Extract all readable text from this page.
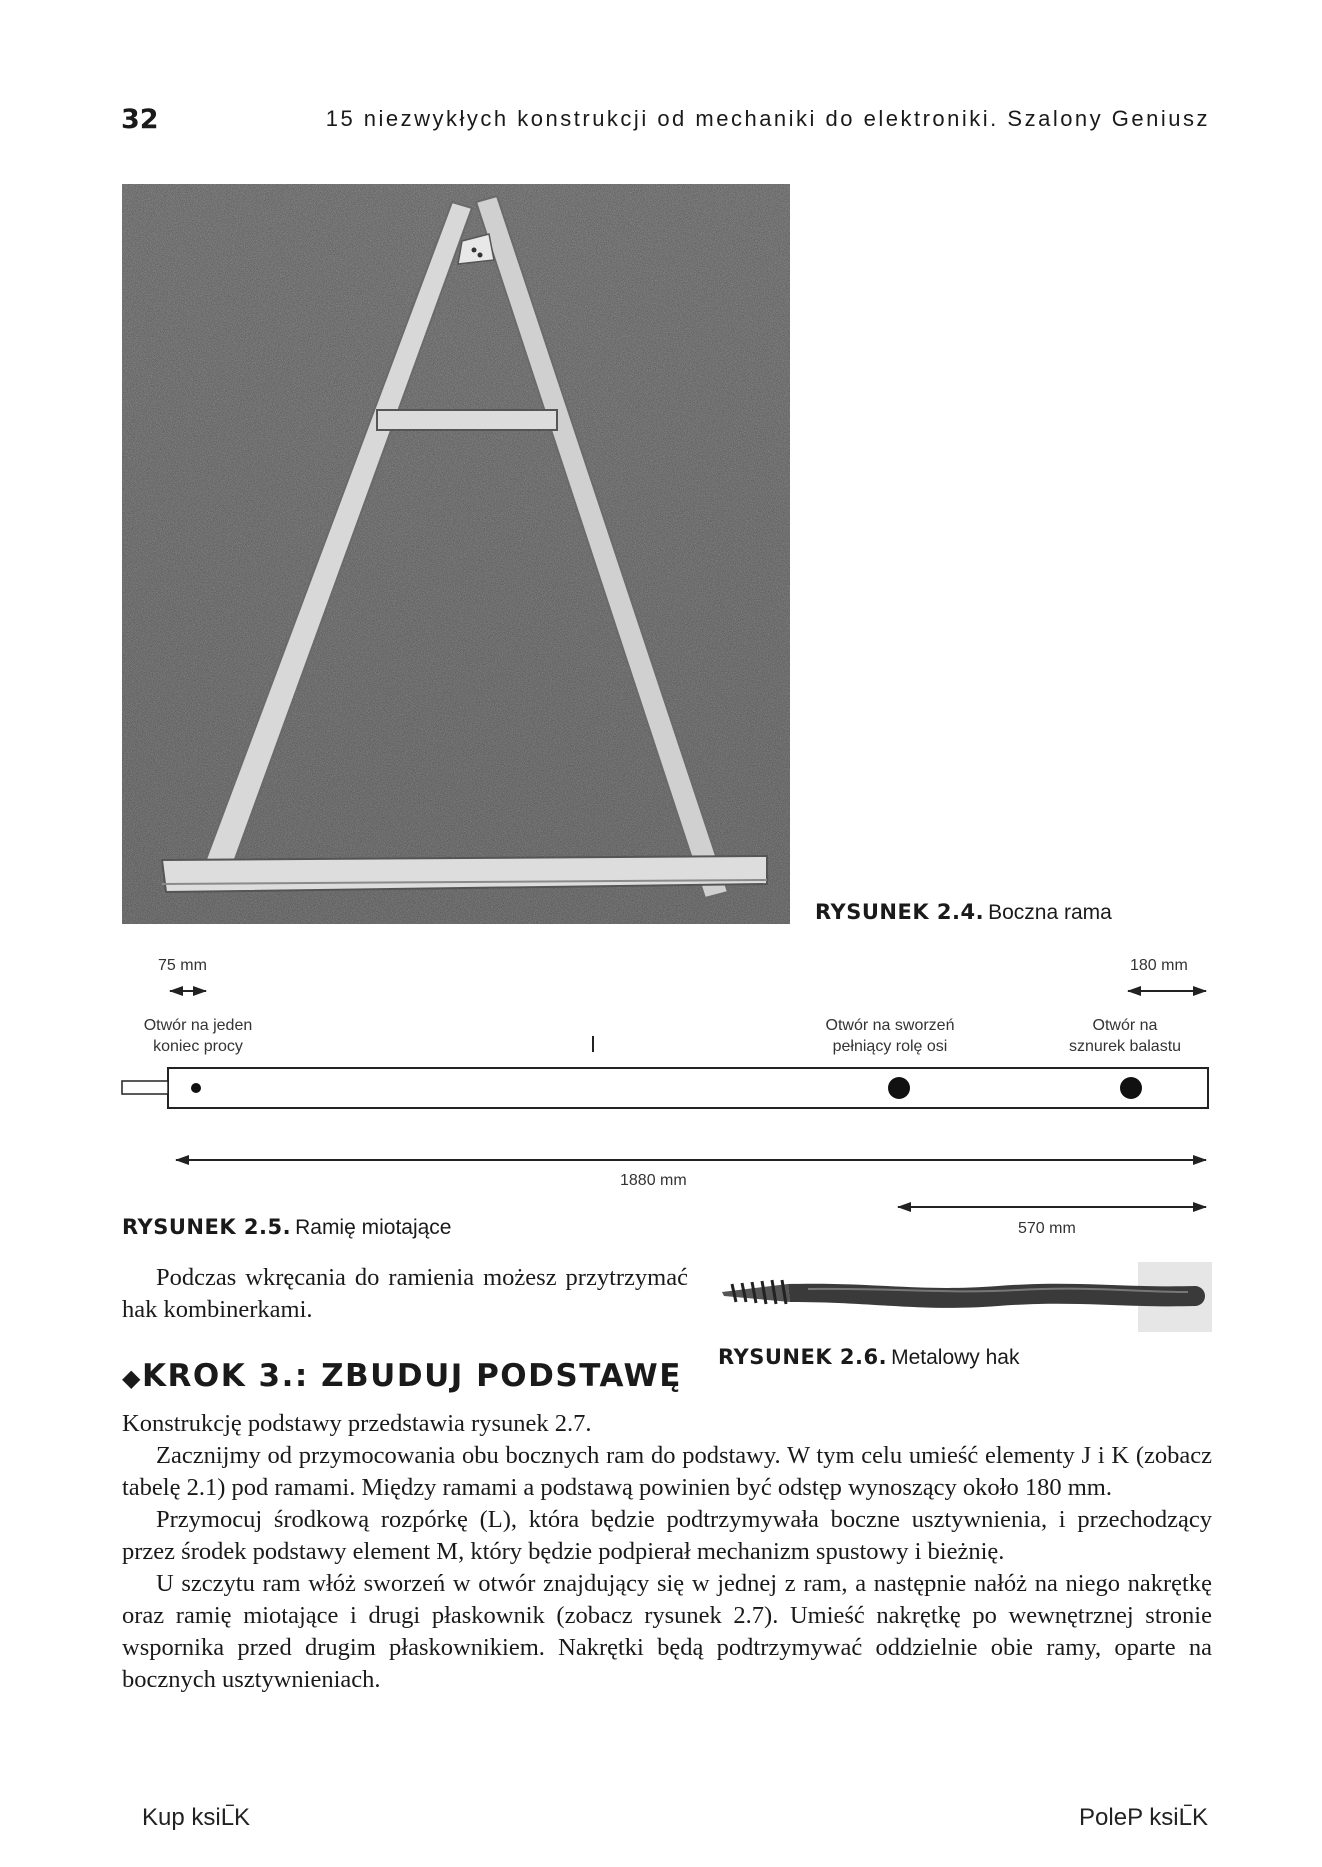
32	15 niezwykłych konstrukcji od mechaniki do elektroniki. Szalony Geniusz
RYSUNEK 2.4. Boczna rama
75 mm	180 mm
Otwór na jeden
koniec procy
Otwór na sworzeń
pełniący rolę osi
Otwór na
sznurek balastu
1880 mm
570 mm
RYSUNEK 2.5. Ramię miotające

Podczas wkręcania do ramienia możesz przytrzymać hak kombinerkami.

RYSUNEK 2.6. Metalowy hak
◆KROK 3.: ZBUDUJ PODSTAWĘ

Konstrukcję podstawy przedstawia rysunek 2.7.

Zacznijmy od przymocowania obu bocznych ram do podstawy. W tym celu umieść elementy J i K (zobacz tabelę 2.1) pod ramami. Między ramami a podstawą powinien być odstęp wynoszący około 180 mm.

Przymocuj środkową rozpórkę (L), która będzie podtrzymywała boczne usztywnienia, i przechodzący przez środek podstawy element M, który będzie podpierał mechanizm spustowy i bieżnię.

U szczytu ram włóż sworzeń w otwór znajdujący się w jednej z ram, a następnie nałóż na niego nakrętkę oraz ramię miotające i drugi płaskownik (zobacz rysunek 2.7). Umieść nakrętkę po wewnętrznej stronie wspornika przed drugim płaskownikiem. Nakrętki będą podtrzymywać oddzielnie obie ramy, oparte na bocznych usztywnieniach.

Kup ksiLࠢK	PoleP ksiLࠢK
